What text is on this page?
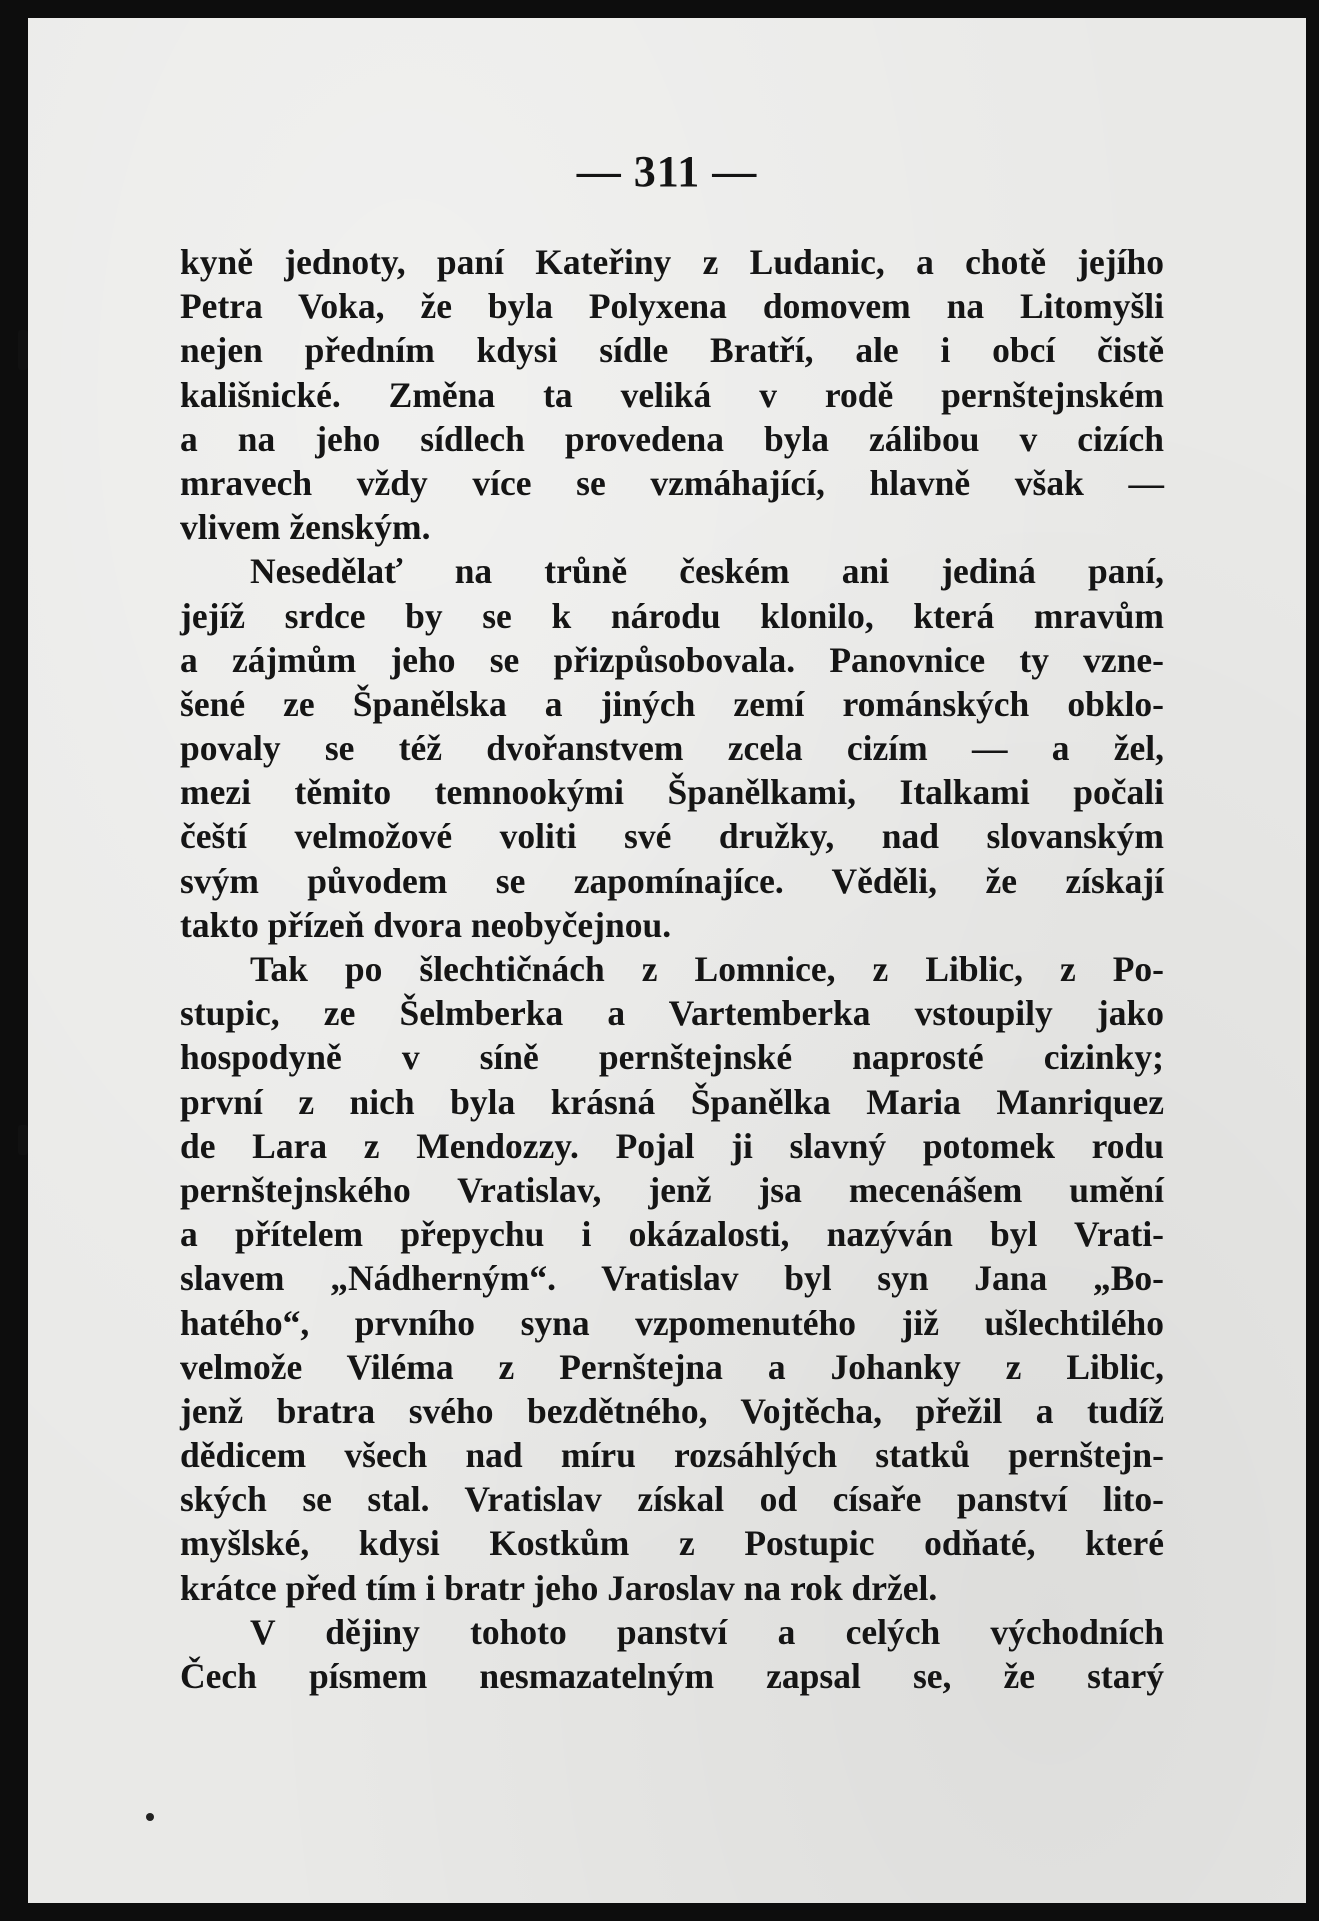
— 311 —
kyně jednoty, paní Kateřiny z Ludanic, a chotě jejího
Petra Voka, že byla Polyxena domovem na Litomyšli
nejen předním kdysi sídle Bratří, ale i obcí čistě
kališnické. Změna ta veliká v rodě pernštejnském
a na jeho sídlech provedena byla zálibou v cizích
mravech vždy více se vzmáhající, hlavně však —
vlivem ženským.
Nesedělať na trůně českém ani jediná paní,
jejíž srdce by se k národu klonilo, která mravům
a zájmům jeho se přizpůsobovala. Panovnice ty vzne-
šené ze Španělska a jiných zemí románských obklo-
povaly se též dvořanstvem zcela cizím — a žel,
mezi těmito temnookými Španělkami, Italkami počali
čeští velmožové voliti své družky, nad slovanským
svým původem se zapomínajíce. Věděli, že získají
takto přízeň dvora neobyčejnou.
Tak po šlechtičnách z Lomnice, z Liblic, z Po-
stupic, ze Šelmberka a Vartemberka vstoupily jako
hospodyně v síně pernštejnské naprosté cizinky;
první z nich byla krásná Španělka Maria Manriquez
de Lara z Mendozzy. Pojal ji slavný potomek rodu
pernštejnského Vratislav, jenž jsa mecenášem umění
a přítelem přepychu i okázalosti, nazýván byl Vrati-
slavem „Nádherným“. Vratislav byl syn Jana „Bo-
hatého“, prvního syna vzpomenutého již ušlechtilého
velmože Viléma z Pernštejna a Johanky z Liblic,
jenž bratra svého bezdětného, Vojtěcha, přežil a tudíž
dědicem všech nad míru rozsáhlých statků pernštejn-
ských se stal. Vratislav získal od císaře panství lito-
myšlské, kdysi Kostkům z Postupic odňaté, které
krátce před tím i bratr jeho Jaroslav na rok držel.
V dějiny tohoto panství a celých východních
Čech písmem nesmazatelným zapsal se, že starý
